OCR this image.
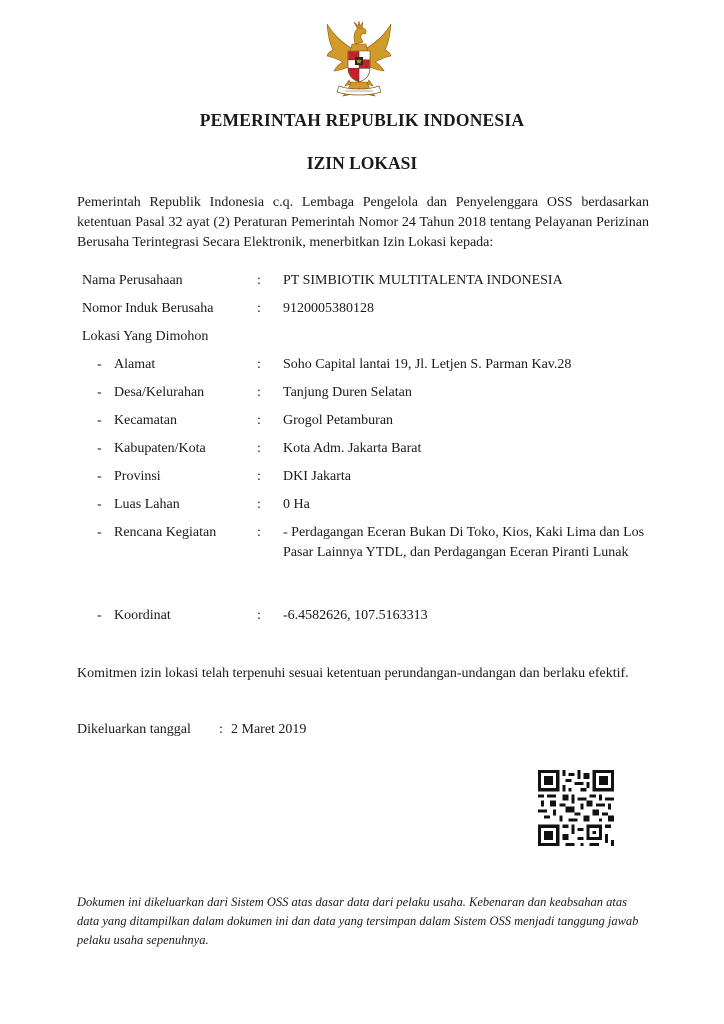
PEMERINTAH REPUBLIK INDONESIA
IZIN LOKASI
Pemerintah Republik Indonesia c.q. Lembaga Pengelola dan Penyelenggara OSS berdasarkan ketentuan Pasal 32 ayat (2) Peraturan Pemerintah Nomor 24 Tahun 2018 tentang Pelayanan Perizinan Berusaha Terintegrasi Secara Elektronik, menerbitkan Izin Lokasi kepada:
Nama Perusahaan	: PT SIMBIOTIK MULTITALENTA INDONESIA
Nomor Induk Berusaha	: 9120005380128
Lokasi Yang Dimohon
- Alamat	: Soho Capital lantai 19, Jl. Letjen S. Parman Kav.28
- Desa/Kelurahan	: Tanjung Duren Selatan
- Kecamatan	: Grogol Petamburan
- Kabupaten/Kota	: Kota Adm. Jakarta Barat
- Provinsi	: DKI Jakarta
- Luas Lahan	: 0 Ha
- Rencana Kegiatan	: - Perdagangan Eceran Bukan Di Toko, Kios, Kaki Lima dan Los Pasar Lainnya YTDL, dan Perdagangan Eceran Piranti Lunak
- Koordinat	: -6.4582626, 107.5163313
Komitmen izin lokasi telah terpenuhi sesuai ketentuan perundangan-undangan dan berlaku efektif.
Dikeluarkan tanggal : 2 Maret 2019
Dokumen ini dikeluarkan dari Sistem OSS atas dasar data dari pelaku usaha. Kebenaran dan keabsahan atas data yang ditampilkan dalam dokumen ini dan data yang tersimpan dalam Sistem OSS menjadi tanggung jawab pelaku usaha sepenuhnya.
